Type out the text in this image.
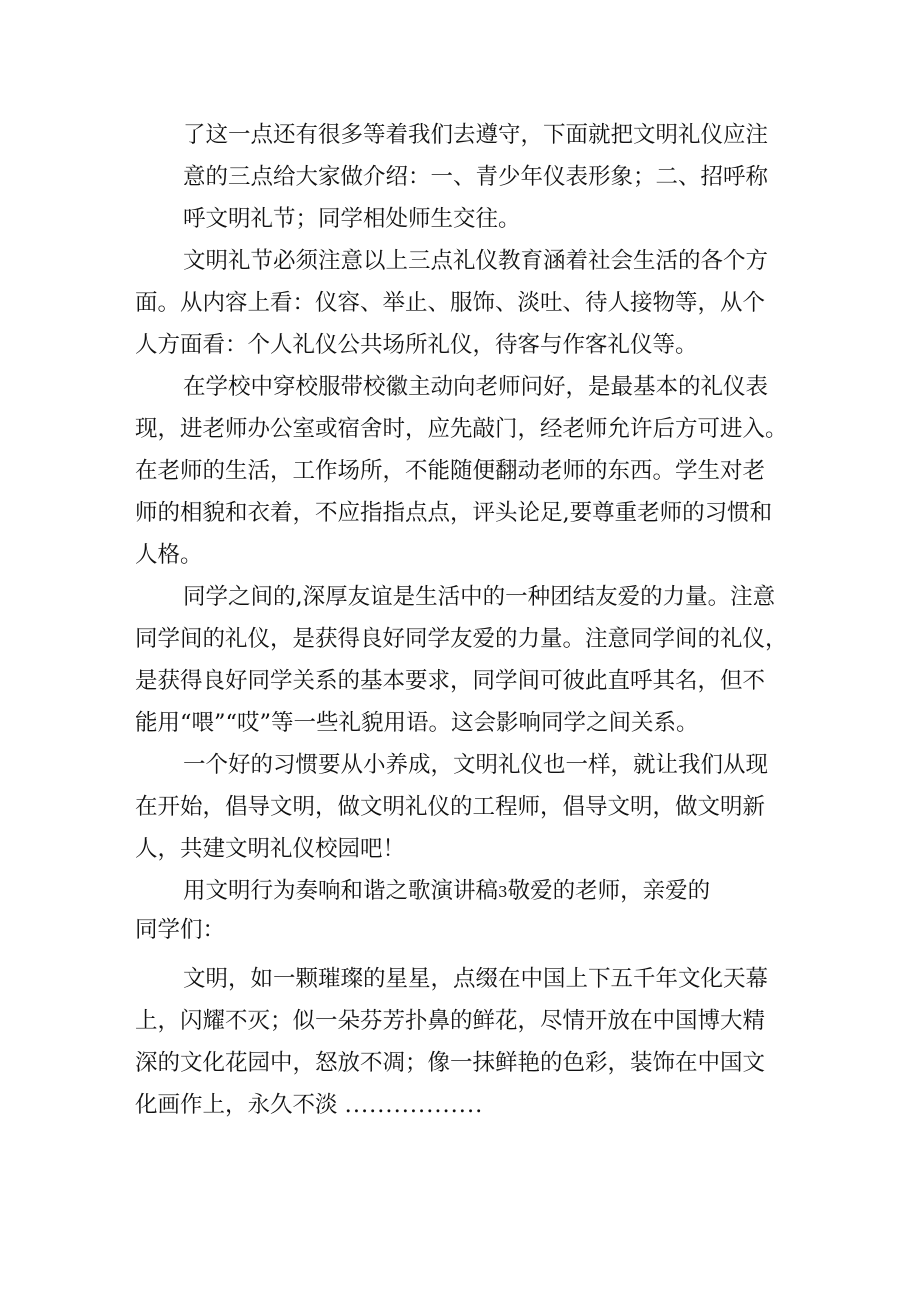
了这一点还有很多等着我们去遵守，下面就把文明礼仪应注
意的三点给大家做介绍：一、青少年仪表形象；二、招呼称
呼文明礼节；同学相处师生交往。
文明礼节必须注意以上三点礼仪教育涵着社会生活的各个方
面。从内容上看：仪容、举止、服饰、淡吐、待人接物等，从个
人方面看：个人礼仪公共场所礼仪，待客与作客礼仪等。
在学校中穿校服带校徽主动向老师问好，是最基本的礼仪表
现，进老师办公室或宿舍时，应先敲门，经老师允许后方可进入。
在老师的生活，工作场所，不能随便翻动老师的东西。学生对老
师的相貌和衣着，不应指指点点，评头论足,要尊重老师的习惯和
人格。
同学之间的,深厚友谊是生活中的一种团结友爱的力量。注意
同学间的礼仪，是获得良好同学友爱的力量。注意同学间的礼仪，
是获得良好同学关系的基本要求，同学间可彼此直呼其名，但不
能用“喂”“哎”等一些礼貌用语。这会影响同学之间关系。
一个好的习惯要从小养成，文明礼仪也一样，就让我们从现
在开始，倡导文明，做文明礼仪的工程师，倡导文明，做文明新
人，共建文明礼仪校园吧！
用文明行为奏响和谐之歌演讲稿3敬爱的老师，亲爱的
同学们：
文明，如一颗璀璨的星星，点缀在中国上下五千年文化天幕
上，闪耀不灭；似一朵芬芳扑鼻的鲜花，尽情开放在中国博大精
深的文化花园中，怒放不凋；像一抹鲜艳的色彩，装饰在中国文
化画作上，永久不淡 .................
